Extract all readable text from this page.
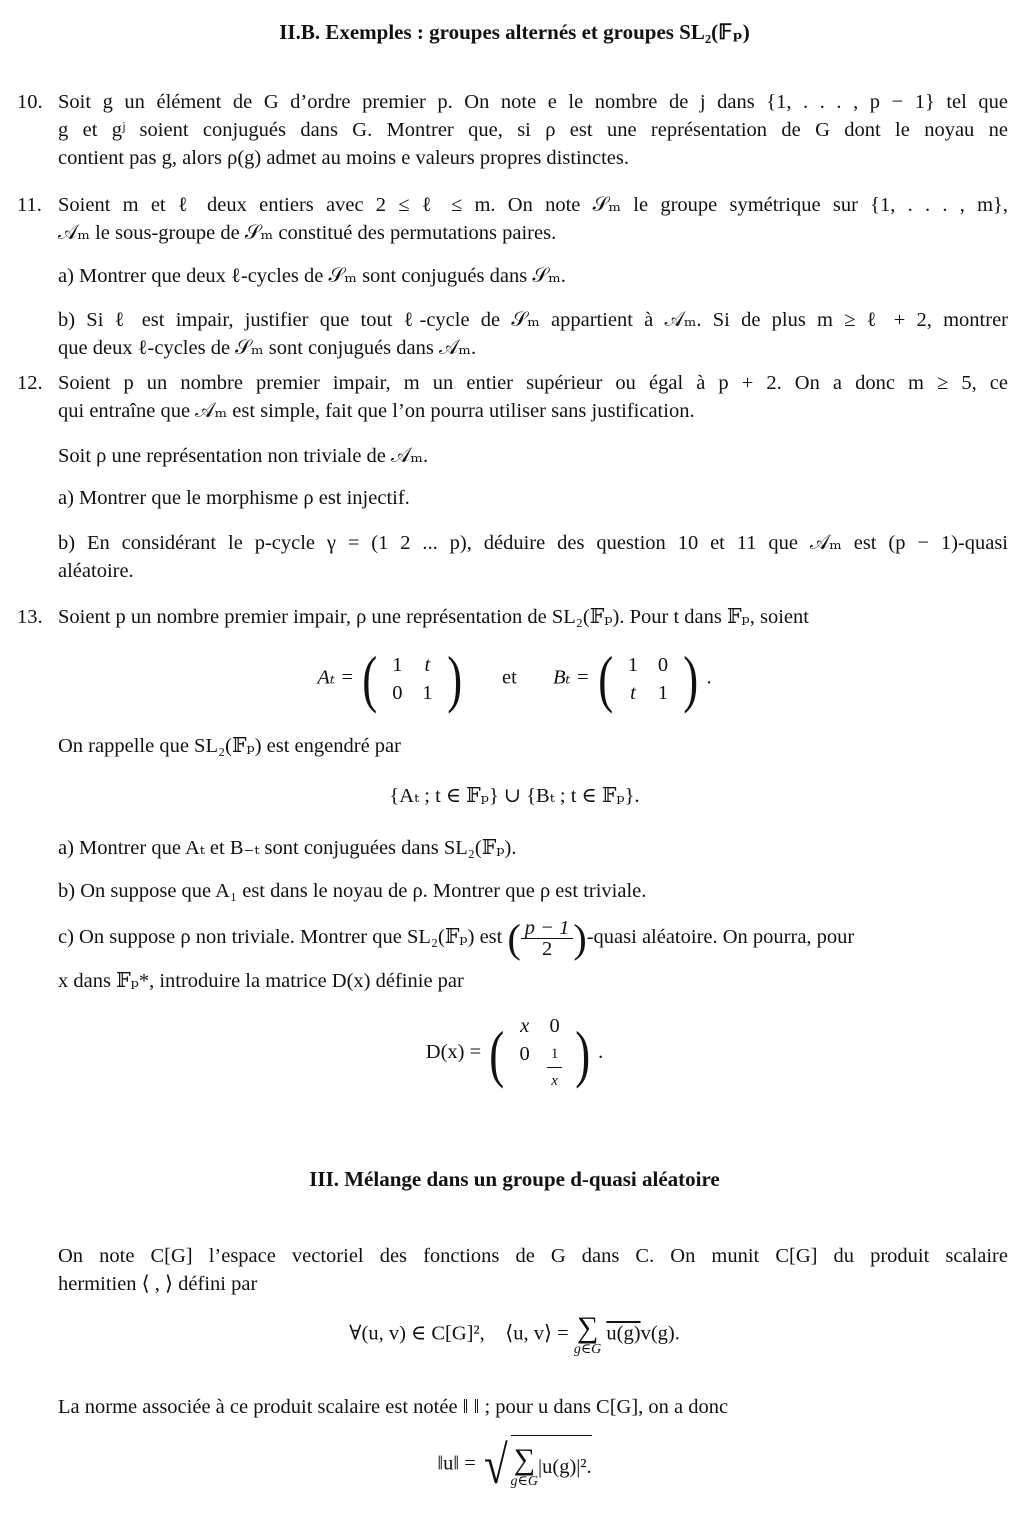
II.B. Exemples : groupes alternés et groupes SL₂(𝔽ₚ)
10. Soit g un élément de G d’ordre premier p. On note e le nombre de j dans {1, . . . , p − 1} tel que
g et gʲ soient conjugués dans G. Montrer que, si ρ est une représentation de G dont le noyau ne
contient pas g, alors ρ(g) admet au moins e valeurs propres distinctes.
11. Soient m et ℓ deux entiers avec 2 ≤ ℓ ≤ m. On note 𝒮ₘ le groupe symétrique sur {1, . . . , m},
𝒜ₘ le sous-groupe de 𝒮ₘ constitué des permutations paires.
a) Montrer que deux ℓ-cycles de 𝒮ₘ sont conjugués dans 𝒮ₘ.
b) Si ℓ est impair, justifier que tout ℓ-cycle de 𝒮ₘ appartient à 𝒜ₘ. Si de plus m ≥ ℓ + 2, montrer
que deux ℓ-cycles de 𝒮ₘ sont conjugués dans 𝒜ₘ.
12. Soient p un nombre premier impair, m un entier supérieur ou égal à p + 2. On a donc m ≥ 5, ce
qui entraîne que 𝒜ₘ est simple, fait que l’on pourra utiliser sans justification.
Soit ρ une représentation non triviale de 𝒜ₘ.
a) Montrer que le morphisme ρ est injectif.
b) En considérant le p-cycle γ = (1 2 ... p), déduire des question 10 et 11 que 𝒜ₘ est (p − 1)-quasi
aléatoire.
13. Soient p un nombre premier impair, ρ une représentation de SL₂(𝔽ₚ). Pour t dans 𝔽ₚ, soient
Aₜ = ( 1	t
0 1 ) et Bₜ = ( 1 0
t	1 ) .
On rappelle que SL₂(𝔽ₚ) est engendré par
{Aₜ ; t ∈ 𝔽ₚ} ∪ {Bₜ ; t ∈ 𝔽ₚ}.
a) Montrer que Aₜ et B₋ₜ sont conjuguées dans SL₂(𝔽ₚ).
b) On suppose que A₁ est dans le noyau de ρ. Montrer que ρ est triviale.
c) On suppose ρ non triviale. Montrer que SL₂(𝔽ₚ) est ( $\frac{p - 1}{2}$ ) -quasi aléatoire. On pourra, pour
x dans 𝔽ₚ*, introduire la matrice D(x) définie par
D(x) = ( x 0
$0 \frac{1}{x}$ ) .
III. Mélange dans un groupe d-quasi aléatoire
On note C[G] l’espace vectoriel des fonctions de G dans C. On munit C[G] du produit scalaire
hermitien ⟨ , ⟩ défini par
∀(u, v) ∈ C[G]²,    ⟨u, v⟩ = ∑
g∈G
u(g)v(g).
La norme associée à ce produit scalaire est notée ‖ ‖ ; pour u dans C[G], on a donc
‖u‖ = √ ∑
g∈G
|u(g)|².
